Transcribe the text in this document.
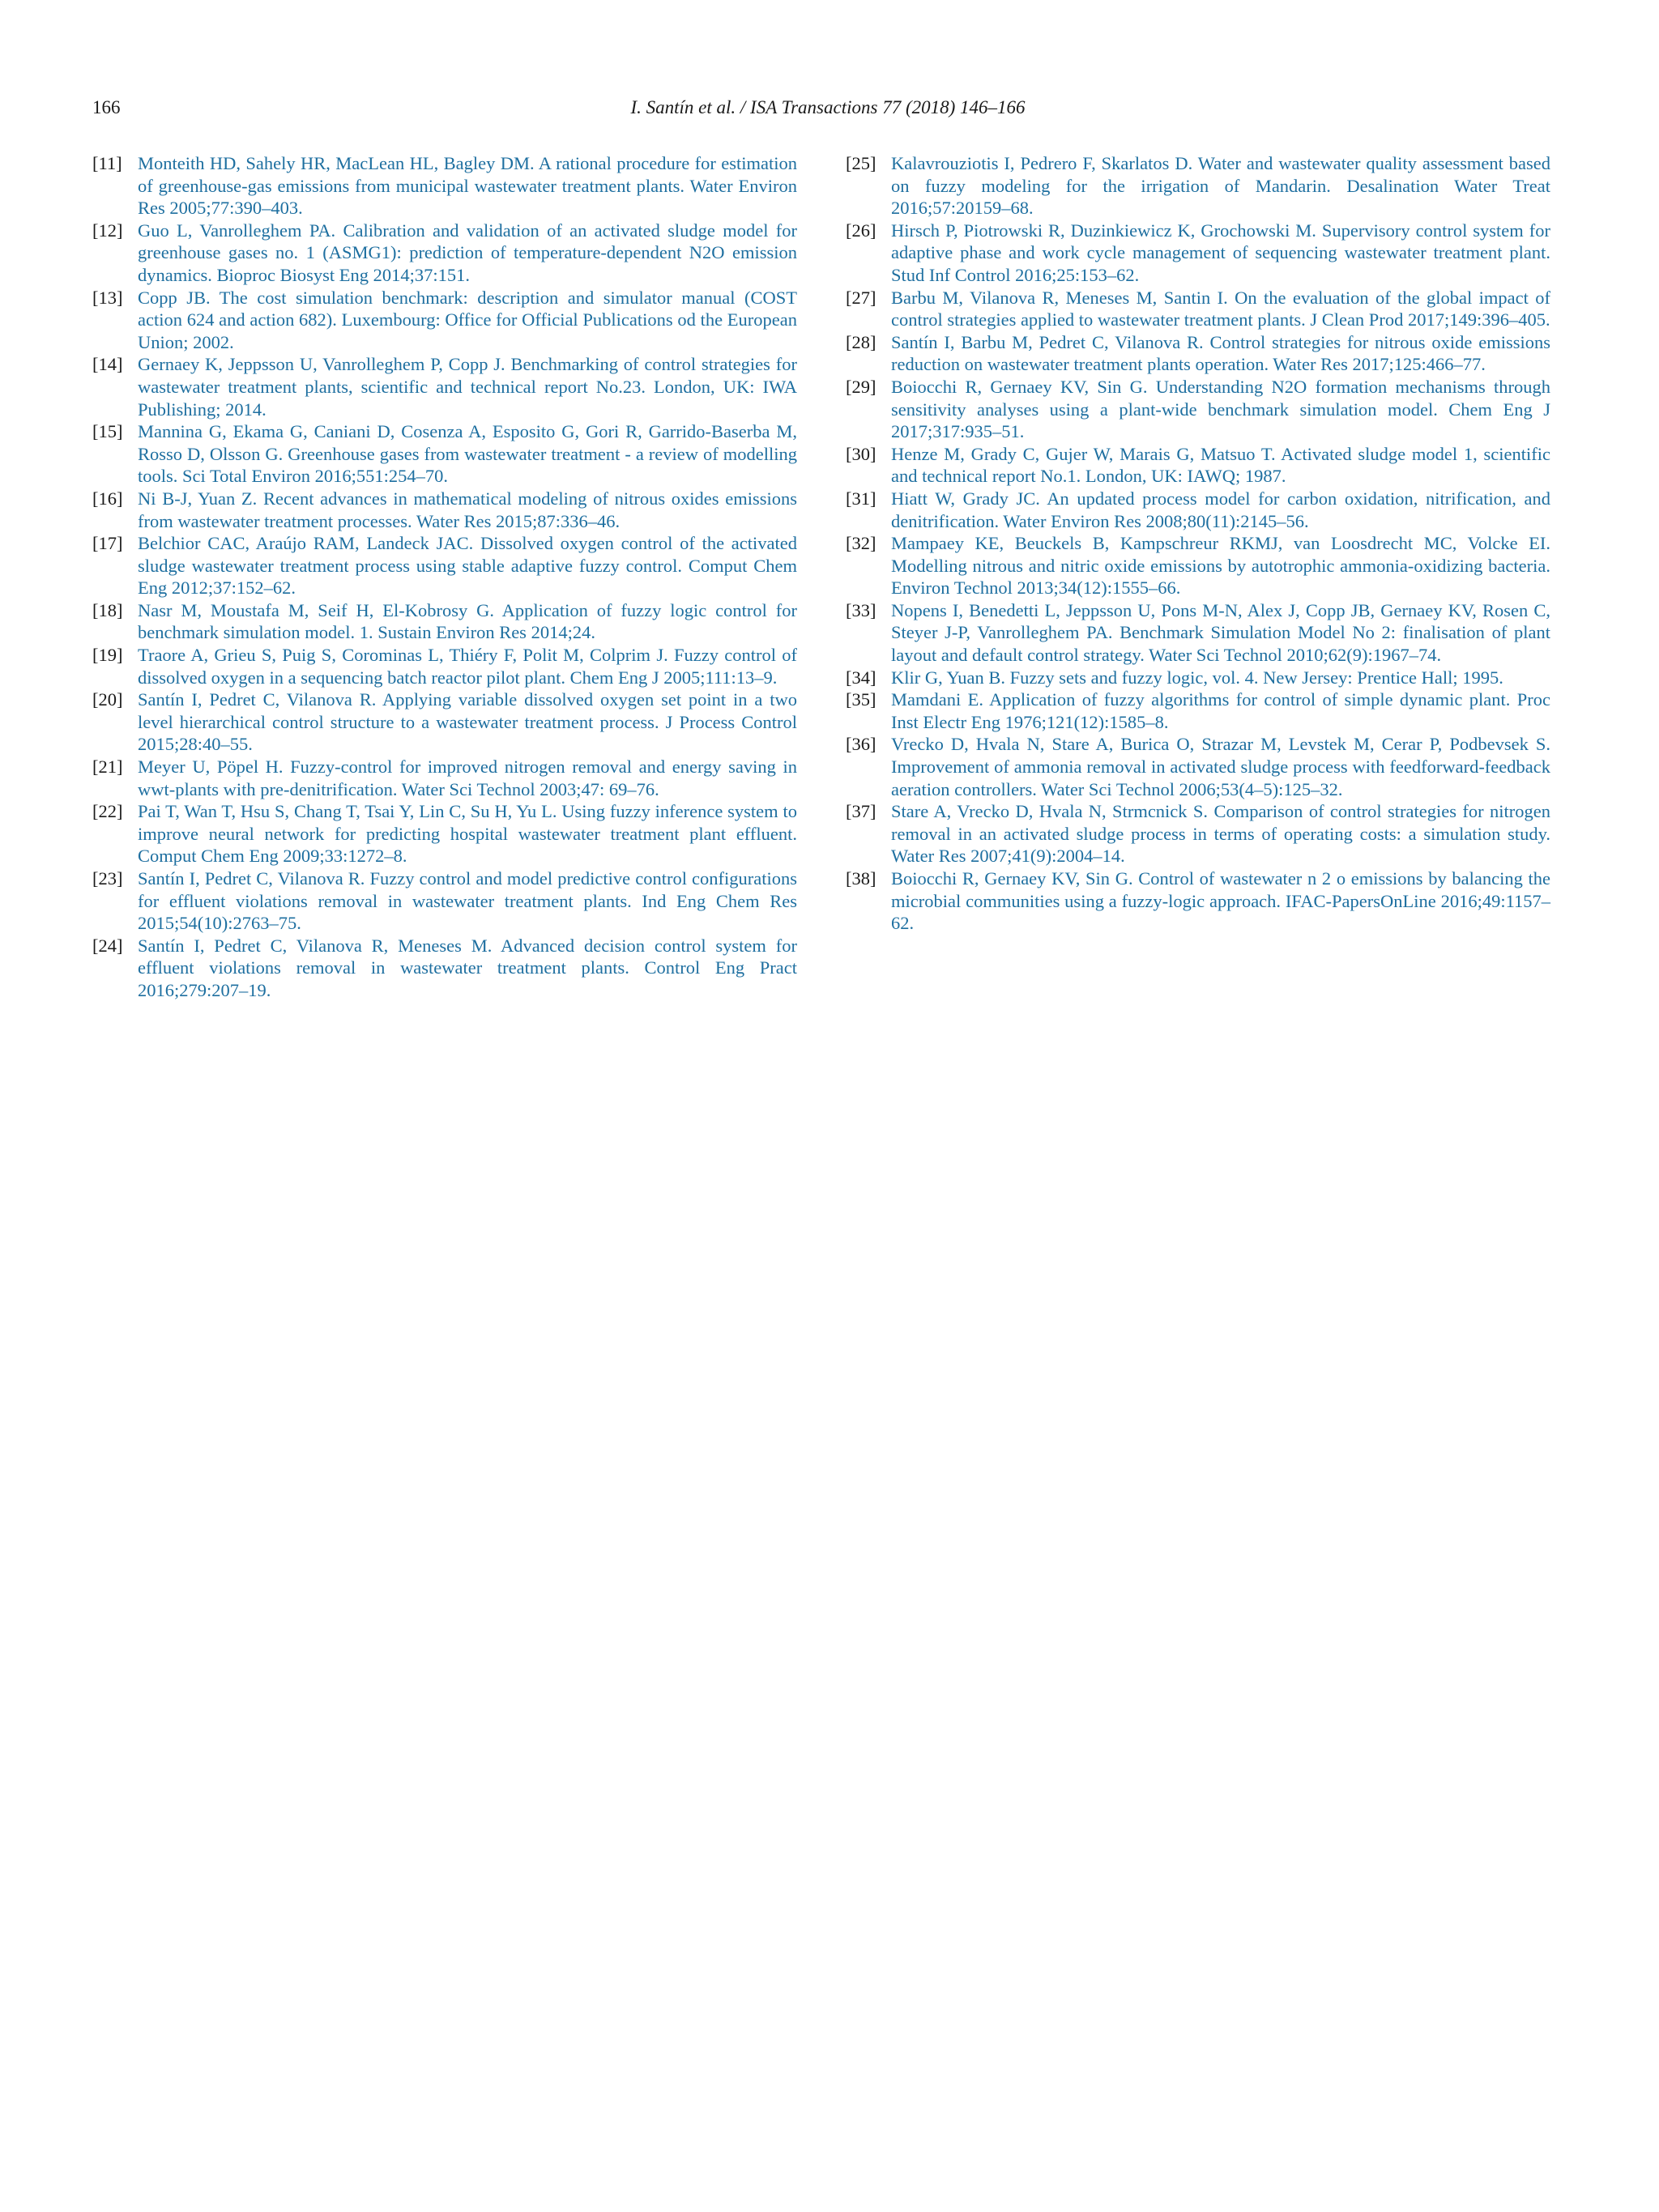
166	I. Santín et al. / ISA Transactions 77 (2018) 146–166
[11] Monteith HD, Sahely HR, MacLean HL, Bagley DM. A rational procedure for estimation of greenhouse-gas emissions from municipal wastewater treatment plants. Water Environ Res 2005;77:390–403.
[12] Guo L, Vanrolleghem PA. Calibration and validation of an activated sludge model for greenhouse gases no. 1 (ASMG1): prediction of temperature-dependent N2O emission dynamics. Bioproc Biosyst Eng 2014;37:151.
[13] Copp JB. The cost simulation benchmark: description and simulator manual (COST action 624 and action 682). Luxembourg: Office for Official Publications od the European Union; 2002.
[14] Gernaey K, Jeppsson U, Vanrolleghem P, Copp J. Benchmarking of control strategies for wastewater treatment plants, scientific and technical report No.23. London, UK: IWA Publishing; 2014.
[15] Mannina G, Ekama G, Caniani D, Cosenza A, Esposito G, Gori R, Garrido-Baserba M, Rosso D, Olsson G. Greenhouse gases from wastewater treatment - a review of modelling tools. Sci Total Environ 2016;551:254–70.
[16] Ni B-J, Yuan Z. Recent advances in mathematical modeling of nitrous oxides emissions from wastewater treatment processes. Water Res 2015;87:336–46.
[17] Belchior CAC, Araújo RAM, Landeck JAC. Dissolved oxygen control of the activated sludge wastewater treatment process using stable adaptive fuzzy control. Comput Chem Eng 2012;37:152–62.
[18] Nasr M, Moustafa M, Seif H, El-Kobrosy G. Application of fuzzy logic control for benchmark simulation model. 1. Sustain Environ Res 2014;24.
[19] Traore A, Grieu S, Puig S, Corominas L, Thiéry F, Polit M, Colprim J. Fuzzy control of dissolved oxygen in a sequencing batch reactor pilot plant. Chem Eng J 2005;111:13–9.
[20] Santín I, Pedret C, Vilanova R. Applying variable dissolved oxygen set point in a two level hierarchical control structure to a wastewater treatment process. J Process Control 2015;28:40–55.
[21] Meyer U, Pöpel H. Fuzzy-control for improved nitrogen removal and energy saving in wwt-plants with pre-denitrification. Water Sci Technol 2003;47: 69–76.
[22] Pai T, Wan T, Hsu S, Chang T, Tsai Y, Lin C, Su H, Yu L. Using fuzzy inference system to improve neural network for predicting hospital wastewater treatment plant effluent. Comput Chem Eng 2009;33:1272–8.
[23] Santín I, Pedret C, Vilanova R. Fuzzy control and model predictive control configurations for effluent violations removal in wastewater treatment plants. Ind Eng Chem Res 2015;54(10):2763–75.
[24] Santín I, Pedret C, Vilanova R, Meneses M. Advanced decision control system for effluent violations removal in wastewater treatment plants. Control Eng Pract 2016;279:207–19.
[25] Kalavrouziotis I, Pedrero F, Skarlatos D. Water and wastewater quality assessment based on fuzzy modeling for the irrigation of Mandarin. Desalination Water Treat 2016;57:20159–68.
[26] Hirsch P, Piotrowski R, Duzinkiewicz K, Grochowski M. Supervisory control system for adaptive phase and work cycle management of sequencing wastewater treatment plant. Stud Inf Control 2016;25:153–62.
[27] Barbu M, Vilanova R, Meneses M, Santin I. On the evaluation of the global impact of control strategies applied to wastewater treatment plants. J Clean Prod 2017;149:396–405.
[28] Santín I, Barbu M, Pedret C, Vilanova R. Control strategies for nitrous oxide emissions reduction on wastewater treatment plants operation. Water Res 2017;125:466–77.
[29] Boiocchi R, Gernaey KV, Sin G. Understanding N2O formation mechanisms through sensitivity analyses using a plant-wide benchmark simulation model. Chem Eng J 2017;317:935–51.
[30] Henze M, Grady C, Gujer W, Marais G, Matsuo T. Activated sludge model 1, scientific and technical report No.1. London, UK: IAWQ; 1987.
[31] Hiatt W, Grady JC. An updated process model for carbon oxidation, nitrification, and denitrification. Water Environ Res 2008;80(11):2145–56.
[32] Mampaey KE, Beuckels B, Kampschreur RKMJ, van Loosdrecht MC, Volcke EI. Modelling nitrous and nitric oxide emissions by autotrophic ammonia-oxidizing bacteria. Environ Technol 2013;34(12):1555–66.
[33] Nopens I, Benedetti L, Jeppsson U, Pons M-N, Alex J, Copp JB, Gernaey KV, Rosen C, Steyer J-P, Vanrolleghem PA. Benchmark Simulation Model No 2: finalisation of plant layout and default control strategy. Water Sci Technol 2010;62(9):1967–74.
[34] Klir G, Yuan B. Fuzzy sets and fuzzy logic, vol. 4. New Jersey: Prentice Hall; 1995.
[35] Mamdani E. Application of fuzzy algorithms for control of simple dynamic plant. Proc Inst Electr Eng 1976;121(12):1585–8.
[36] Vrecko D, Hvala N, Stare A, Burica O, Strazar M, Levstek M, Cerar P, Podbevsek S. Improvement of ammonia removal in activated sludge process with feedforward-feedback aeration controllers. Water Sci Technol 2006;53(4–5):125–32.
[37] Stare A, Vrecko D, Hvala N, Strmcnick S. Comparison of control strategies for nitrogen removal in an activated sludge process in terms of operating costs: a simulation study. Water Res 2007;41(9):2004–14.
[38] Boiocchi R, Gernaey KV, Sin G. Control of wastewater n 2 o emissions by balancing the microbial communities using a fuzzy-logic approach. IFAC-PapersOnLine 2016;49:1157–62.
